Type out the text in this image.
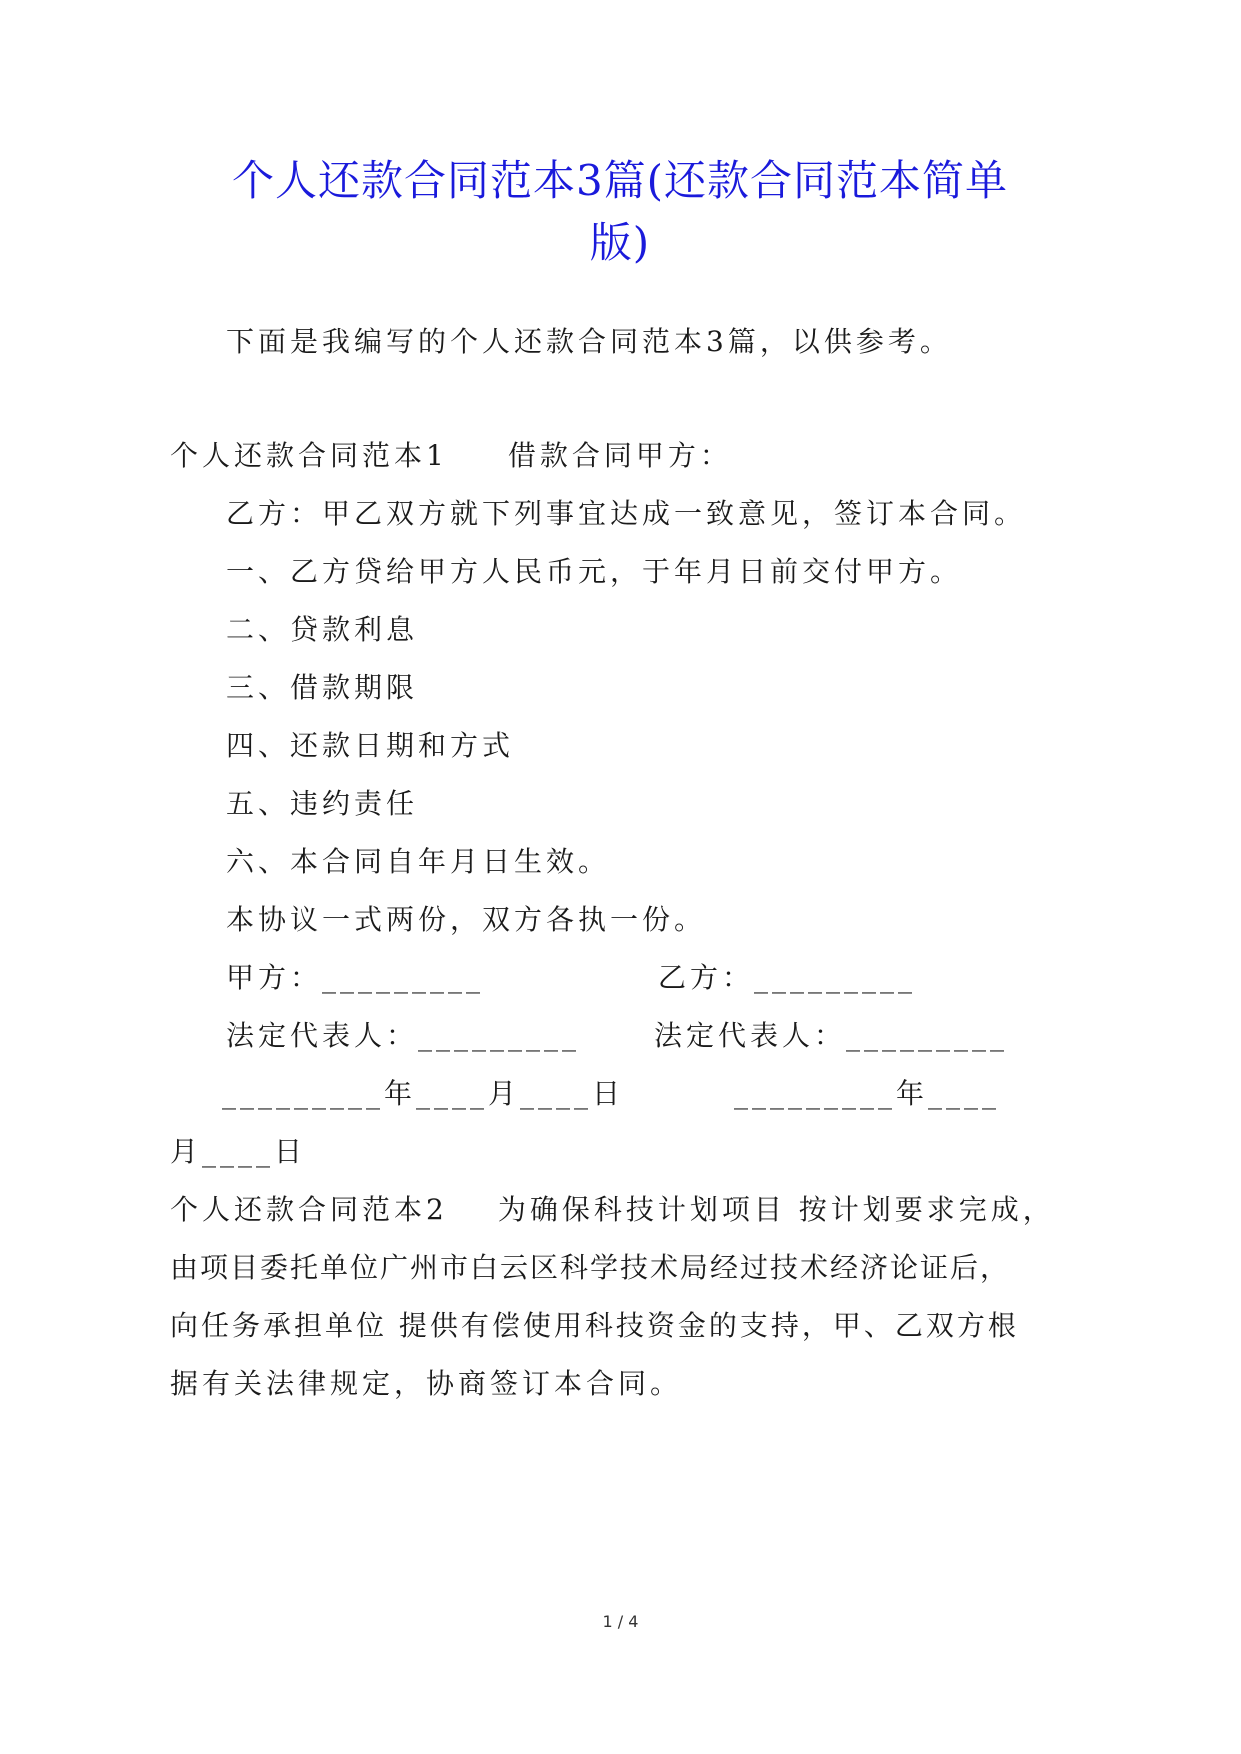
个人还款合同范本3篇(还款合同范本简单
版)

下面是我编写的个人还款合同范本3篇，以供参考。

个人还款合同范本1 借款合同甲方：

乙方：甲乙双方就下列事宜达成一致意见，签订本合同。

一、乙方贷给甲方人民币元，于年月日前交付甲方。

二、贷款利息

三、借款期限

四、还款日期和方式

五、违约责任

六、本合同自年月日生效。

本协议一式两份，双方各执一份。

甲方：_________	乙方：_________

法定代表人：_________	法定代表人：_________

_________年____月____日	_________年____

月____日

个人还款合同范本2 为确保科技计划项目 按计划要求完成，

由项目委托单位广州市白云区科学技术局经过技术经济论证后，

向任务承担单位 提供有偿使用科技资金的支持，甲、乙双方根

据有关法律规定，协商签订本合同。

1 / 4
